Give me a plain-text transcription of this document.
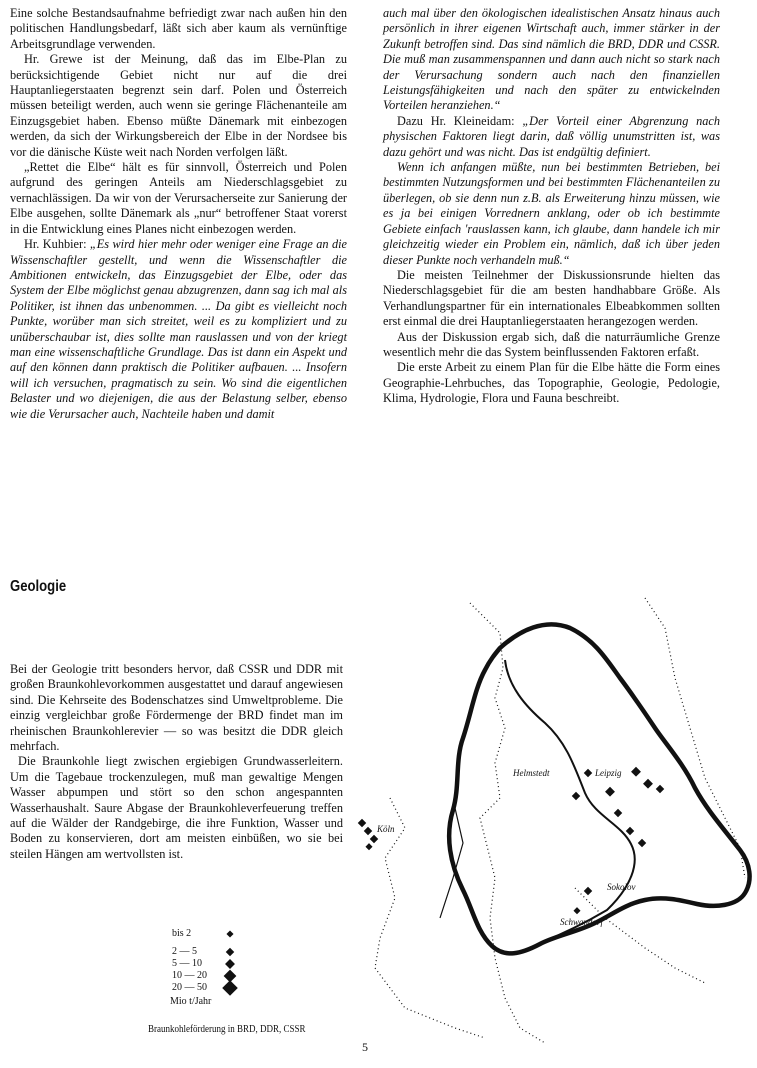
Eine solche Bestandsaufnahme befriedigt zwar nach außen hin den politischen Handlungsbedarf, läßt sich aber kaum als vernünftige Arbeitsgrundlage verwenden.

Hr. Grewe ist der Meinung, daß das im Elbe-Plan zu berücksichtigende Gebiet nicht nur auf die drei Hauptanliegerstaaten begrenzt sein darf. Polen und Österreich müssen beteiligt werden, auch wenn sie geringe Flächenanteile am Einzugsgebiet haben. Ebenso müßte Dänemark mit einbezogen werden, da sich der Wirkungsbereich der Elbe in der Nordsee bis vor die dänische Küste weit nach Norden verfolgen läßt.

„Rettet die Elbe“ hält es für sinnvoll, Österreich und Polen aufgrund des geringen Anteils am Niederschlagsgebiet zu vernachlässigen. Da wir von der Verursacherseite zur Sanierung der Elbe ausgehen, sollte Dänemark als „nur“ betroffener Staat vorerst in die Entwicklung eines Planes nicht einbezogen werden.

Hr. Kuhbier: „Es wird hier mehr oder weniger eine Frage an die Wissenschaftler gestellt, und wenn die Wissenschaftler die Ambitionen entwickeln, das Einzugsgebiet der Elbe, oder das System der Elbe möglichst genau abzugrenzen, dann sag ich mal als Politiker, ist ihnen das unbenommen. ... Da gibt es vielleicht noch Punkte, worüber man sich streitet, weil es zu kompliziert und zu unüberschaubar ist, dies sollte man rauslassen und von der kriegt man eine wissenschaftliche Grundlage. Das ist dann ein Aspekt und auf den können dann praktisch die Politiker aufbauen. ... Insofern will ich versuchen, pragmatisch zu sein. Wo sind die eigentlichen Belaster und wo diejenigen, die aus der Belastung selber, ebenso wie die Verursacher auch, Nachteile haben und damit

auch mal über den ökologischen idealistischen Ansatz hinaus auch persönlich in ihrer eigenen Wirtschaft auch, immer stärker in der Zukunft betroffen sind. Das sind nämlich die BRD, DDR und CSSR. Die muß man zusammenspannen und dann auch nicht so stark nach der Verursachung sondern auch nach den finanziellen Leistungsfähigkeiten und nach den später zu entwickelnden Vorteilen heranziehen.“

Dazu Hr. Kleineidam: „Der Vorteil einer Abgrenzung nach physischen Faktoren liegt darin, daß völlig unumstritten ist, was dazu gehört und was nicht. Das ist endgültig definiert.

Wenn ich anfangen müßte, nun bei bestimmten Betrieben, bei bestimmten Nutzungsformen und bei bestimmten Flächenanteilen zu überlegen, ob sie denn nun z.B. als Erweiterung hinzu müssen, wie es ja bei einigen Vorrednern anklang, oder ob ich bestimmte Gebiete einfach 'rauslassen kann, ich glaube, dann handele ich mir gleichzeitig wieder ein Problem ein, nämlich, daß ich über jeden dieser Punkte noch verhandeln muß.“

Die meisten Teilnehmer der Diskussionsrunde hielten das Niederschlagsgebiet für die am besten handhabbare Größe. Als Verhandlungspartner für ein internationales Elbeabkommen sollten erst einmal die drei Hauptanliegerstaaten herangezogen werden.

Aus der Diskussion ergab sich, daß die naturräumliche Grenze wesentlich mehr die das System beinflussenden Faktoren erfaßt.

Die erste Arbeit zu einem Plan für die Elbe hätte die Form eines Geographie-Lehrbuches, das Topographie, Geologie, Pedologie, Klima, Hydrologie, Flora und Fauna beschreibt.

Geologie

Bei der Geologie tritt besonders hervor, daß CSSR und DDR mit großen Braunkohlevorkommen ausgestattet und darauf angewiesen sind. Die Kehrseite des Bodenschatzes sind Umweltprobleme. Die einzig vergleichbar große Fördermenge der BRD findet man im rheinischen Braunkohlerevier — so was besitzt die DDR gleich mehrfach.

Die Braunkohle liegt zwischen ergiebigen Grundwasserleitern. Um die Tagebaue trockenzulegen, muß man gewaltige Mengen Wasser abpumpen und stört so den schon angespannten Wasserhaushalt. Saure Abgase der Braunkohleverfeuerung treffen auf die Wälder der Randgebirge, die ihre Funktion, Wasser und Boden zu konservieren, dort am meisten einbüßen, wo sie bei steilen Hängen am wertvollsten ist.

Köln
Helmstedt	Leipzig
Sokolov
Schwandorf
bis 2
2 — 5
5 — 10
10 — 20
20 — 50
Mio t/Jahr
Braunkohleförderung in BRD, DDR, CSSR
5
